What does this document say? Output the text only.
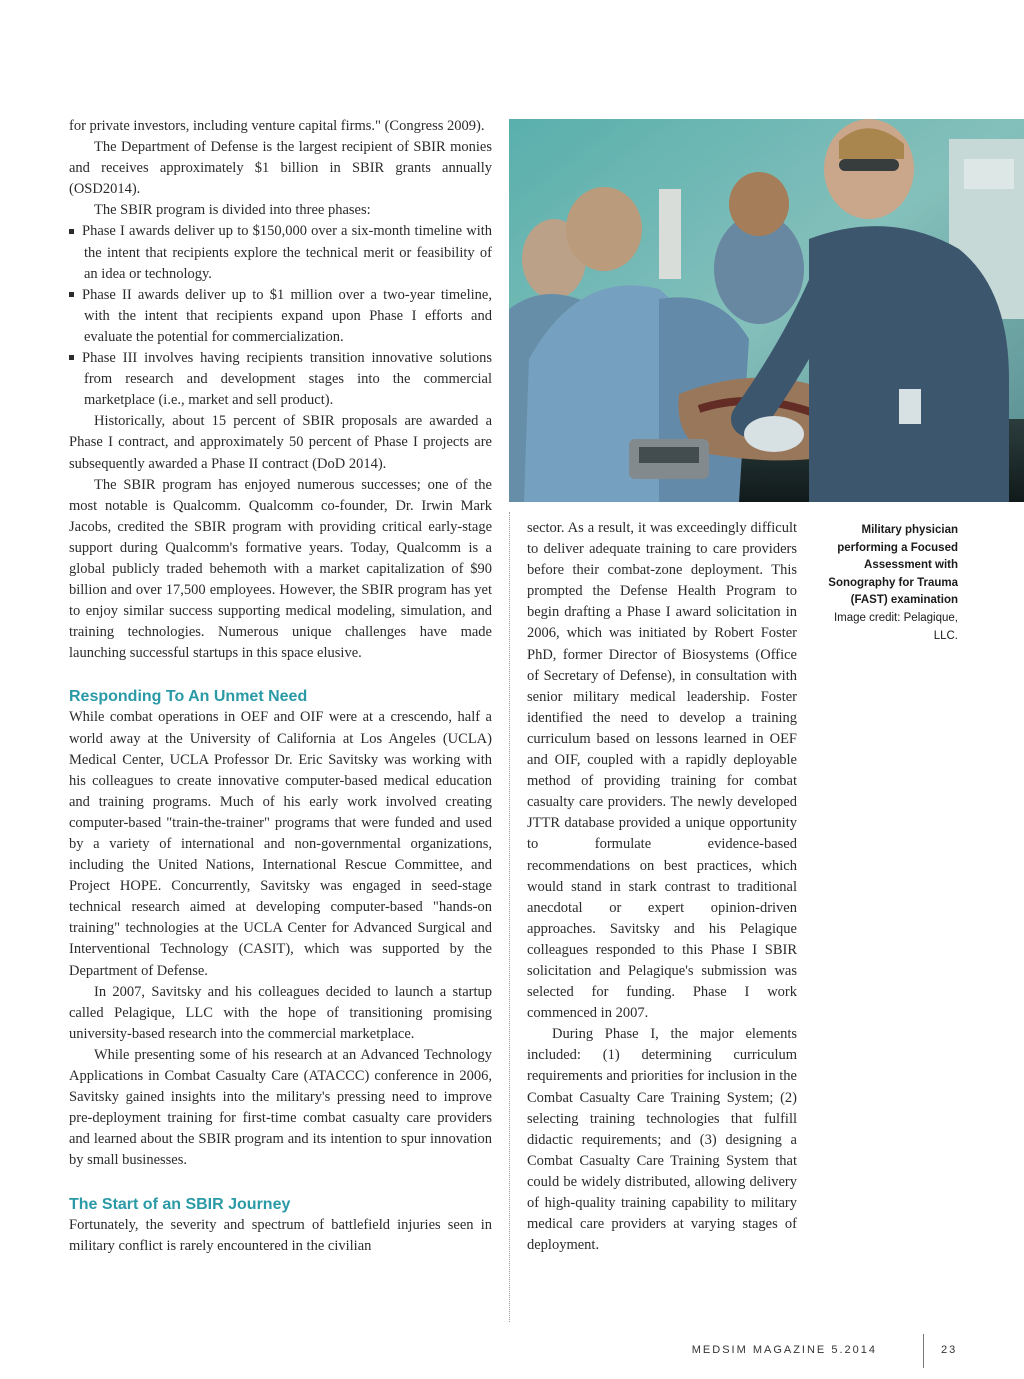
for private investors, including venture capital firms." (Congress 2009).

The Department of Defense is the largest recipient of SBIR monies and receives approximately $1 billion in SBIR grants annually (OSD2014).

The SBIR program is divided into three phases:

Phase I awards deliver up to $150,000 over a six-month timeline with the intent that recipients explore the technical merit or feasibility of an idea or technology.

Phase II awards deliver up to $1 million over a two-year timeline, with the intent that recipients expand upon Phase I efforts and evaluate the potential for commercialization.

Phase III involves having recipients transition innovative solutions from research and development stages into the commercial marketplace (i.e., market and sell product).

Historically, about 15 percent of SBIR proposals are awarded a Phase I contract, and approximately 50 percent of Phase I projects are subsequently awarded a Phase II contract (DoD 2014).

The SBIR program has enjoyed numerous successes; one of the most notable is Qualcomm. Qualcomm co-founder, Dr. Irwin Mark Jacobs, credited the SBIR program with providing critical early-stage support during Qualcomm's formative years. Today, Qualcomm is a global publicly traded behemoth with a market capitalization of $90 billion and over 17,500 employees. However, the SBIR program has yet to enjoy similar success supporting medical modeling, simulation, and training technologies. Numerous unique challenges have made launching successful startups in this space elusive.

Responding To An Unmet Need

While combat operations in OEF and OIF were at a crescendo, half a world away at the University of California at Los Angeles (UCLA) Medical Center, UCLA Professor Dr. Eric Savitsky was working with his colleagues to create innovative computer-based medical education and training programs. Much of his early work involved creating computer-based "train-the-trainer" programs that were funded and used by a variety of international and non-governmental organizations, including the United Nations, International Rescue Committee, and Project HOPE. Concurrently, Savitsky was engaged in seed-stage technical research aimed at developing computer-based "hands-on training" technologies at the UCLA Center for Advanced Surgical and Interventional Technology (CASIT), which was supported by the Department of Defense.

In 2007, Savitsky and his colleagues decided to launch a startup called Pelagique, LLC with the hope of transitioning promising university-based research into the commercial marketplace.

While presenting some of his research at an Advanced Technology Applications in Combat Casualty Care (ATACCC) conference in 2006, Savitsky gained insights into the military's pressing need to improve pre-deployment training for first-time combat casualty care providers and learned about the SBIR program and its intention to spur innovation by small businesses.

The Start of an SBIR Journey

Fortunately, the severity and spectrum of battlefield injuries seen in military conflict is rarely encountered in the civilian

sector. As a result, it was exceedingly difficult to deliver adequate training to care providers before their combat-zone deployment. This prompted the Defense Health Program to begin drafting a Phase I award solicitation in 2006, which was initiated by Robert Foster PhD, former Director of Biosystems (Office of Secretary of Defense), in consultation with senior military medical leadership. Foster identified the need to develop a training curriculum based on lessons learned in OEF and OIF, coupled with a rapidly deployable method of providing training for combat casualty care providers. The newly developed JTTR database provided a unique opportunity to formulate evidence-based recommendations on best practices, which would stand in stark contrast to traditional anecdotal or expert opinion-driven approaches. Savitsky and his Pelagique colleagues responded to this Phase I SBIR solicitation and Pelagique's submission was selected for funding. Phase I work commenced in 2007.

During Phase I, the major elements included: (1) determining curriculum requirements and priorities for inclusion in the Combat Casualty Care Training System; (2) selecting training technologies that fulfill didactic requirements; and (3) designing a Combat Casualty Care Training System that could be widely distributed, allowing delivery of high-quality training capability to military medical care providers at varying stages of deployment.

Military physician performing a Focused Assessment with Sonography for Trauma (FAST) examination
Image credit: Pelagique, LLC.
MEDSIM MAGAZINE 5.2014	23
